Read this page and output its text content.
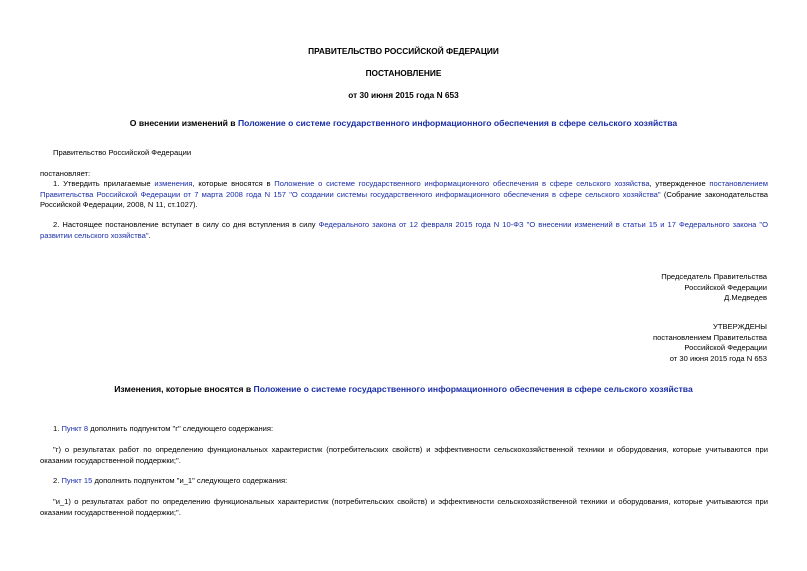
ПРАВИТЕЛЬСТВО РОССИЙСКОЙ ФЕДЕРАЦИИ
ПОСТАНОВЛЕНИЕ
от 30 июня 2015 года N 653
О внесении изменений в Положение о системе государственного информационного обеспечения в сфере сельского хозяйства
Правительство Российской Федерации
постановляет:
1. Утвердить прилагаемые изменения, которые вносятся в Положение о системе государственного информационного обеспечения в сфере сельского хозяйства, утвержденное постановлением Правительства Российской Федерации от 7 марта 2008 года N 157 "О создании системы государственного информационного обеспечения в сфере сельского хозяйства" (Собрание законодательства Российской Федерации, 2008, N 11, ст.1027).
2. Настоящее постановление вступает в силу со дня вступления в силу Федерального закона от 12 февраля 2015 года N 10-ФЗ "О внесении изменений в статьи 15 и 17 Федерального закона "О развитии сельского хозяйства".
Председатель Правительства
Российской Федерации
Д.Медведев
УТВЕРЖДЕНЫ
постановлением Правительства
Российской Федерации
от 30 июня 2015 года N 653
Изменения, которые вносятся в Положение о системе государственного информационного обеспечения в сфере сельского хозяйства
1. Пункт 8 дополнить подпунктом "г" следующего содержания:
"г) о результатах работ по определению функциональных характеристик (потребительских свойств) и эффективности сельскохозяйственной техники и оборудования, которые учитываются при оказании государственной поддержки;".
2. Пункт 15 дополнить подпунктом "и_1" следующего содержания:
"и_1) о результатах работ по определению функциональных характеристик (потребительских свойств) и эффективности сельскохозяйственной техники и оборудования, которые учитываются при оказании государственной поддержки;".
